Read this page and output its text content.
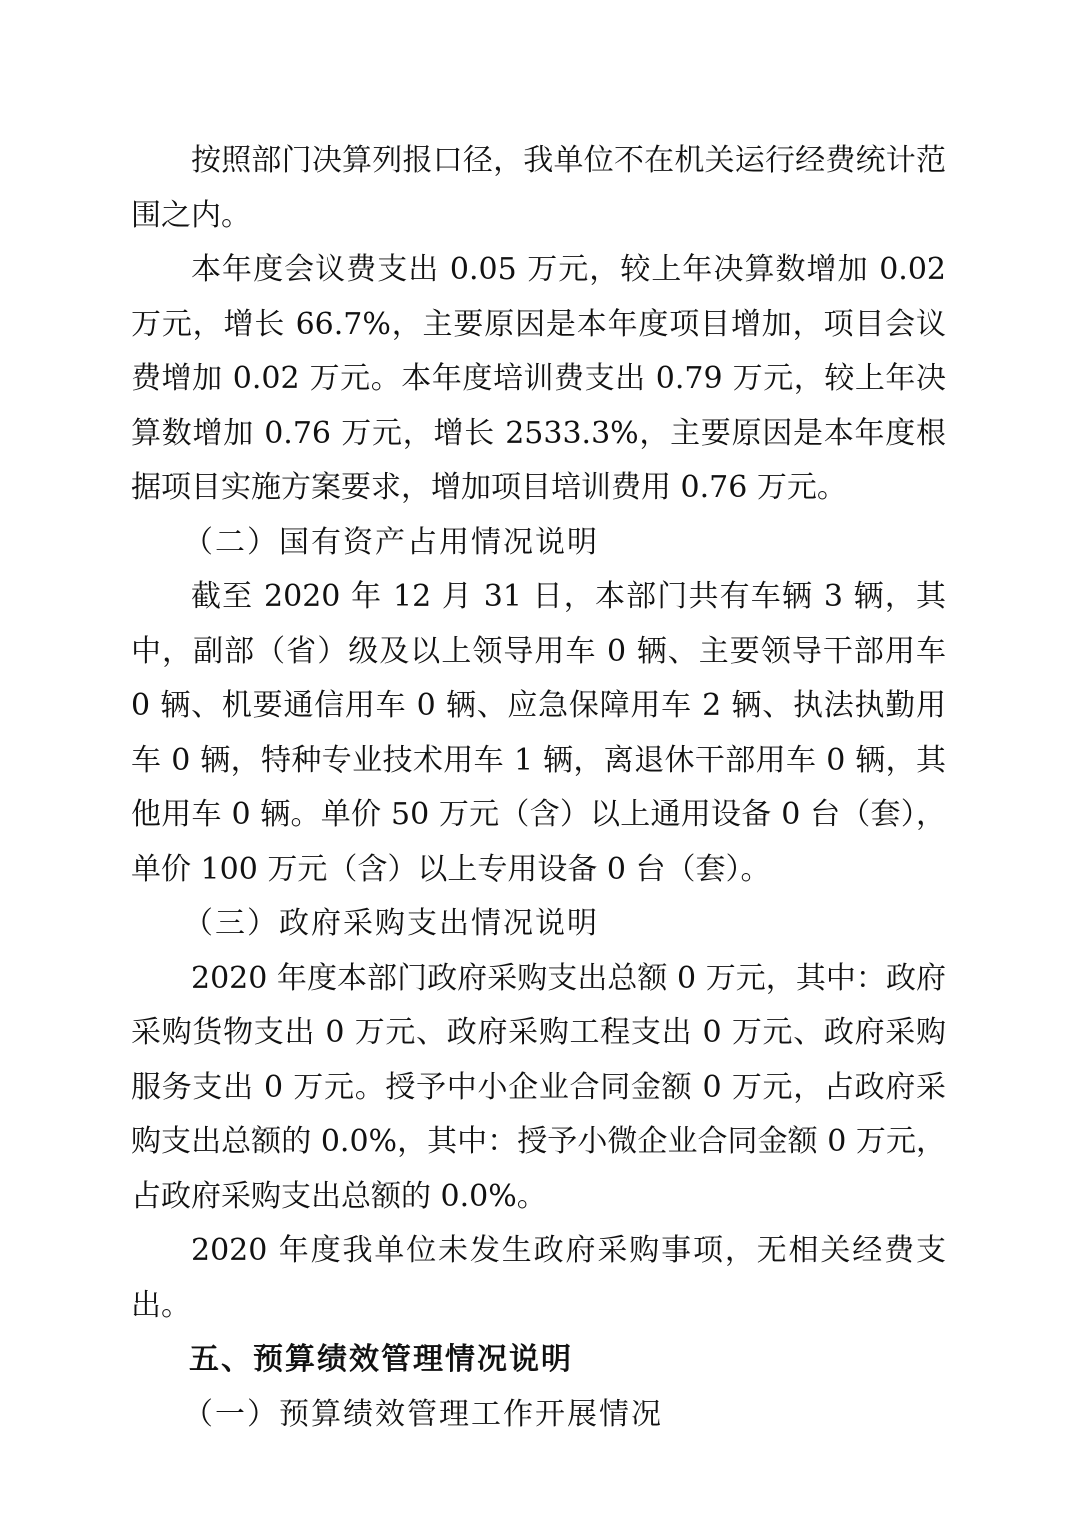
按照部门决算列报口径，我单位不在机关运行经费统计范围之内。

本年度会议费支出 0.05 万元，较上年决算数增加 0.02 万元，增长 66.7%，主要原因是本年度项目增加，项目会议费增加 0.02 万元。本年度培训费支出 0.79 万元，较上年决算数增加 0.76 万元，增长 2533.3%，主要原因是本年度根据项目实施方案要求，增加项目培训费用 0.76 万元。

（二）国有资产占用情况说明

截至 2020 年 12 月 31 日，本部门共有车辆 3 辆，其中，副部（省）级及以上领导用车 0 辆、主要领导干部用车 0 辆、机要通信用车 0 辆、应急保障用车 2 辆、执法执勤用车 0 辆，特种专业技术用车 1 辆，离退休干部用车 0 辆，其他用车 0 辆。单价 50 万元（含）以上通用设备 0 台（套），单价 100 万元（含）以上专用设备 0 台（套）。

（三）政府采购支出情况说明

2020 年度本部门政府采购支出总额 0 万元，其中：政府采购货物支出 0 万元、政府采购工程支出 0 万元、政府采购服务支出 0 万元。授予中小企业合同金额 0 万元，占政府采购支出总额的 0.0%，其中：授予小微企业合同金额 0 万元，占政府采购支出总额的 0.0%。

2020 年度我单位未发生政府采购事项，无相关经费支出。

五、预算绩效管理情况说明
（一）预算绩效管理工作开展情况
